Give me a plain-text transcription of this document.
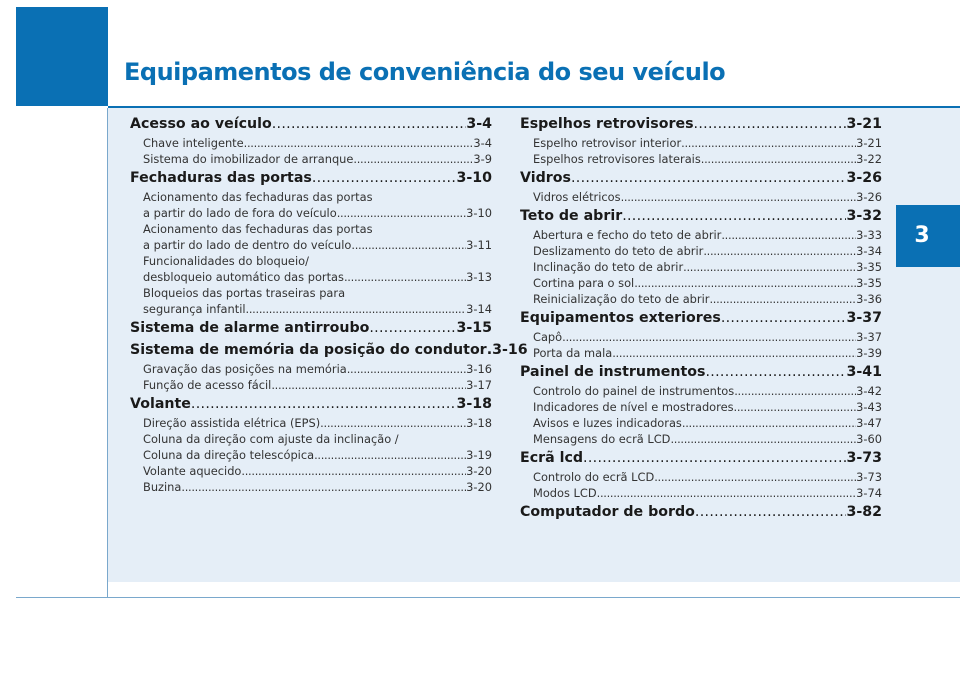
Equipamentos de conveniência do seu veículo
3
Acesso ao veículo .....	3-4
Chave inteligente .....	3-4
Sistema do imobilizador de arranque .....	3-9
Fechaduras das portas .....	3-10
Acionamento das fechaduras das portas
a partir do lado de fora do veículo .....	3-10
Acionamento das fechaduras das portas
a partir do lado de dentro do veículo .....	3-11
Funcionalidades do bloqueio/
desbloqueio automático das portas .....	3-13
Bloqueios das portas traseiras para
segurança infantil .....	3-14
Sistema de alarme antirroubo .....	3-15
Sistema de memória da posição do condutor .3-16
Gravação das posições na memória .....	3-16
Função de acesso fácil .....	3-17
Volante .....	3-18
Direção assistida elétrica (EPS) .....	3-18
Coluna da direção com ajuste da inclinação /
Coluna da direção telescópica .....	3-19
Volante aquecido .....	3-20
Buzina .....	3-20
Espelhos retrovisores .....	3-21
Espelho retrovisor interior .....	3-21
Espelhos retrovisores laterais .....	3-22
Vidros .....	3-26
Vidros elétricos .....	3-26
Teto de abrir .....	3-32
Abertura e fecho do teto de abrir .....	3-33
Deslizamento do teto de abrir .....	3-34
Inclinação do teto de abrir .....	3-35
Cortina para o sol .....	3-35
Reinicialização do teto de abrir .....	3-36
Equipamentos exteriores .....	3-37
Capô .....	3-37
Porta da mala .....	3-39
Painel de instrumentos .....	3-41
Controlo do painel de instrumentos .....	3-42
Indicadores de nível e mostradores .....	3-43
Avisos e luzes indicadoras .....	3-47
Mensagens do ecrã LCD .....	3-60
Ecrã lcd .....	3-73
Controlo do ecrã LCD .....	3-73
Modos LCD .....	3-74
Computador de bordo .....	3-82
